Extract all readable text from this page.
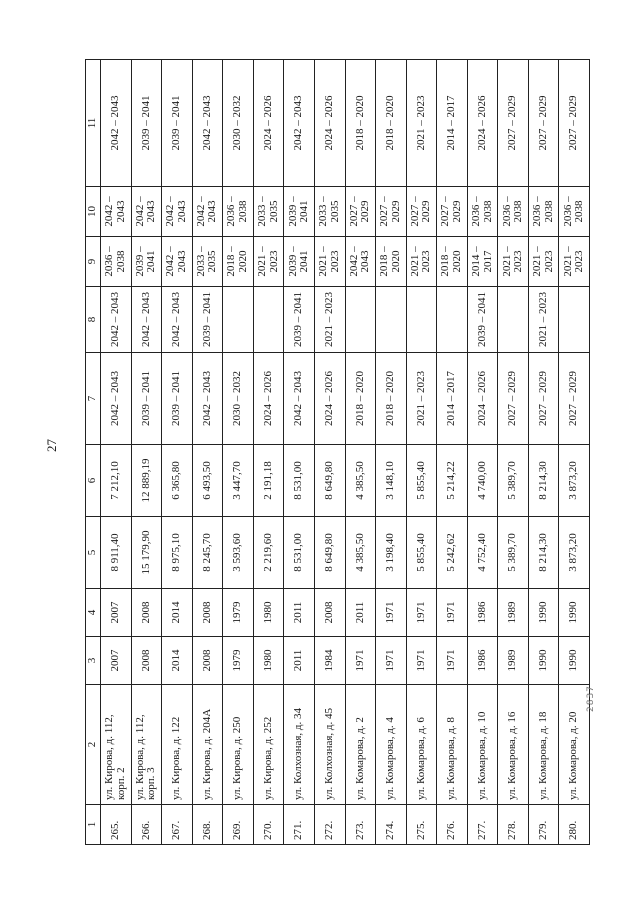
27
1	2	3	4	5	6	7	8	9	10	11
265.	ул. Кирова, д. 112, корп. 2	2007	2007	8 911,40	7 212,10	2042 – 2043	2042 – 2043	2036 – 2038	2042 – 2043	2042 – 2043
266.	ул. Кирова, д. 112, корп. 3	2008	2008	15 179,90	12 889,19	2039 – 2041	2042 – 2043	2039 – 2041	2042 – 2043	2039 – 2041
267.	ул. Кирова, д. 122	2014	2014	8 975,10	6 365,80	2039 – 2041	2042 – 2043	2042 – 2043	2042 – 2043	2039 – 2041
268.	ул. Кирова, д. 204А	2008	2008	8 245,70	6 493,50	2042 – 2043	2039 – 2041	2033 – 2035	2042 – 2043	2042 – 2043
269.	ул. Кирова, д. 250	1979	1979	3 593,60	3 447,70	2030 – 2032		2018 – 2020	2036 – 2038	2030 – 2032
270.	ул. Кирова, д. 252	1980	1980	2 219,60	2 191,18	2024 – 2026		2021 – 2023	2033 – 2035	2024 – 2026
271.	ул. Колхозная, д. 34	2011	2011	8 531,00	8 531,00	2042 – 2043	2039 – 2041	2039 – 2041	2039 – 2041	2042 – 2043
272.	ул. Колхозная, д. 45	1984	2008	8 649,80	8 649,80	2024 – 2026	2021 – 2023	2021 – 2023	2033 – 2035	2024 – 2026
273.	ул. Комарова, д. 2	1971	2011	4 385,50	4 385,50	2018 – 2020		2042 – 2043	2027 – 2029	2018 – 2020
274.	ул. Комарова, д. 4	1971	1971	3 198,40	3 148,10	2018 – 2020		2018 – 2020	2027 – 2029	2018 – 2020
275.	ул. Комарова, д. 6	1971	1971	5 855,40	5 855,40	2021 – 2023		2021 – 2023	2027 – 2029	2021 – 2023
276.	ул. Комарова, д. 8	1971	1971	5 242,62	5 214,22	2014 – 2017		2018 – 2020	2027 – 2029	2014 – 2017
277.	ул. Комарова, д. 10	1986	1986	4 752,40	4 740,00	2024 – 2026	2039 – 2041	2014 – 2017	2036 – 2038	2024 – 2026
278.	ул. Комарова, д. 16	1989	1989	5 389,70	5 389,70	2027 – 2029		2021 – 2023	2036 – 2038	2027 – 2029
279.	ул. Комарова, д. 18	1990	1990	8 214,30	8 214,30	2027 – 2029	2021 – 2023	2021 – 2023	2036 – 2038	2027 – 2029
280.	ул. Комарова, д. 20	1990	1990	3 873,20	3 873,20	2027 – 2029		2021 – 2023	2036 – 2038	2027 – 2029
2837
